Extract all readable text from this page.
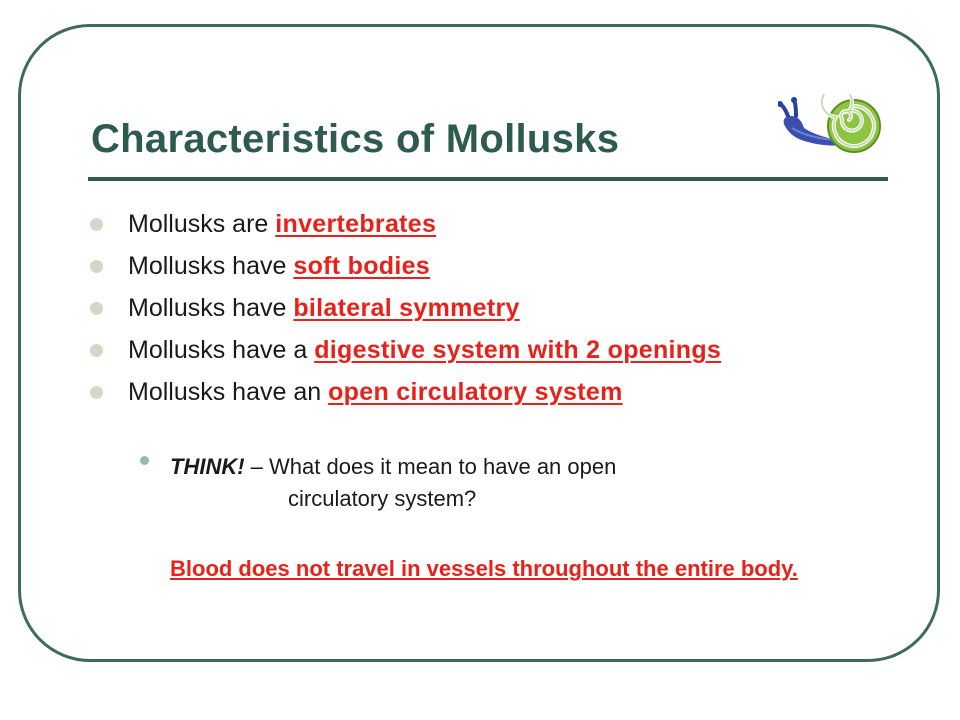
Characteristics of Mollusks
Mollusks are invertebrates
Mollusks have soft bodies
Mollusks have bilateral symmetry
Mollusks have a digestive system with 2 openings
Mollusks have an open circulatory system
THINK! – What does it mean to have an open
circulatory system?
Blood does not travel in vessels throughout the entire body.
